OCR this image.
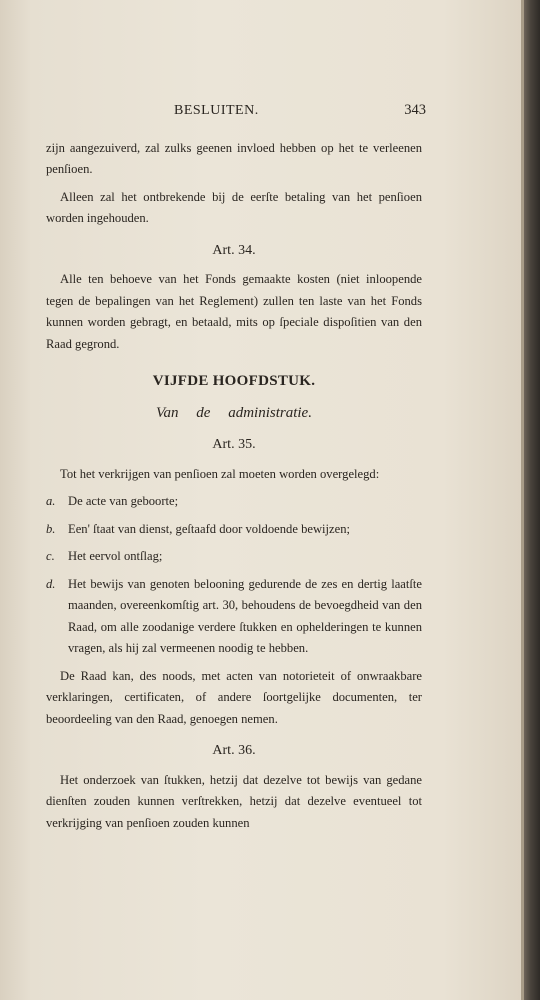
BESLUITEN.	343

zijn aangezuiverd, zal zulks geenen invloed hebben op het te verleenen penſioen.

Alleen zal het ontbrekende bij de eerſte betaling van het penſioen worden ingehouden.

Art. 34.

Alle ten behoeve van het Fonds gemaakte kosten (niet inloopende tegen de bepalingen van het Reglement) zullen ten laste van het Fonds kunnen worden gebragt, en betaald, mits op ſpeciale dispoſitien van den Raad gegrond.

VIJFDE HOOFDSTUK.
Van de administratie.
Art. 35.

Tot het verkrijgen van penſioen zal moeten worden overgelegd:

a. De acte van geboorte;
b. Een' ſtaat van dienst, geſtaafd door voldoende bewijzen;
c.	Het eervol ontſlag;
d. Het bewijs van genoten belooning gedurende de zes en dertig laatſte maanden, overeenkomſtig art. 30, behoudens de bevoegdheid van den Raad, om alle zoodanige verdere ſtukken en ophelderingen te kunnen vragen, als hij zal vermeenen noodig te hebben.

De Raad kan, des noods, met acten van notorieteit of onwraakbare verklaringen, certificaten, of andere ſoortgelijke documenten, ter beoordeeling van den Raad, genoegen nemen.

Art. 36.

Het onderzoek van ſtukken, hetzij dat dezelve tot bewijs van gedane dienſten zouden kunnen verſtrekken, hetzij dat dezelve eventueel tot verkrijging van penſioen zouden kunnen
